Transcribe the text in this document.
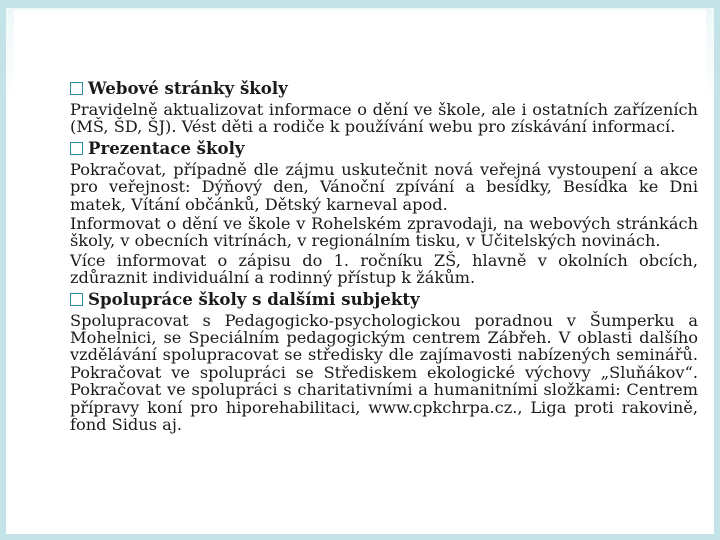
Webové stránky školy

Pravidelně aktualizovat informace o dění ve škole, ale i ostatních zařízeních (MŠ, ŠD, ŠJ). Vést děti a rodiče k používání webu pro získávání informací.

Prezentace školy

Pokračovat, případně dle zájmu uskutečnit nová veřejná vystoupení a akce pro veřejnost: Dýňový den, Vánoční zpívání a besídky, Besídka ke Dni matek, Vítání občánků, Dětský karneval apod.

Informovat o dění ve škole v Rohelském zpravodaji, na webových stránkách školy, v obecních vitrínách, v regionálním tisku, v Učitelských novinách.

Více informovat o zápisu do 1. ročníku ZŠ, hlavně v okolních obcích, zdůraznit individuální a rodinný přístup k žákům.

Spolupráce školy s dalšími subjekty

Spolupracovat s Pedagogicko-psychologickou poradnou v Šumperku a Mohelnici, se Speciálním pedagogickým centrem Zábřeh. V oblasti dalšího vzdělávání spolupracovat se středisky dle zajímavosti nabízených seminářů. Pokračovat ve spolupráci se Střediskem ekologické výchovy „Sluňákov“. Pokračovat ve spolupráci s charitativními a humanitními složkami: Centrem přípravy koní pro hiporehabilitaci, www.cpkchrpa.cz., Liga proti rakovině, fond Sidus aj.
